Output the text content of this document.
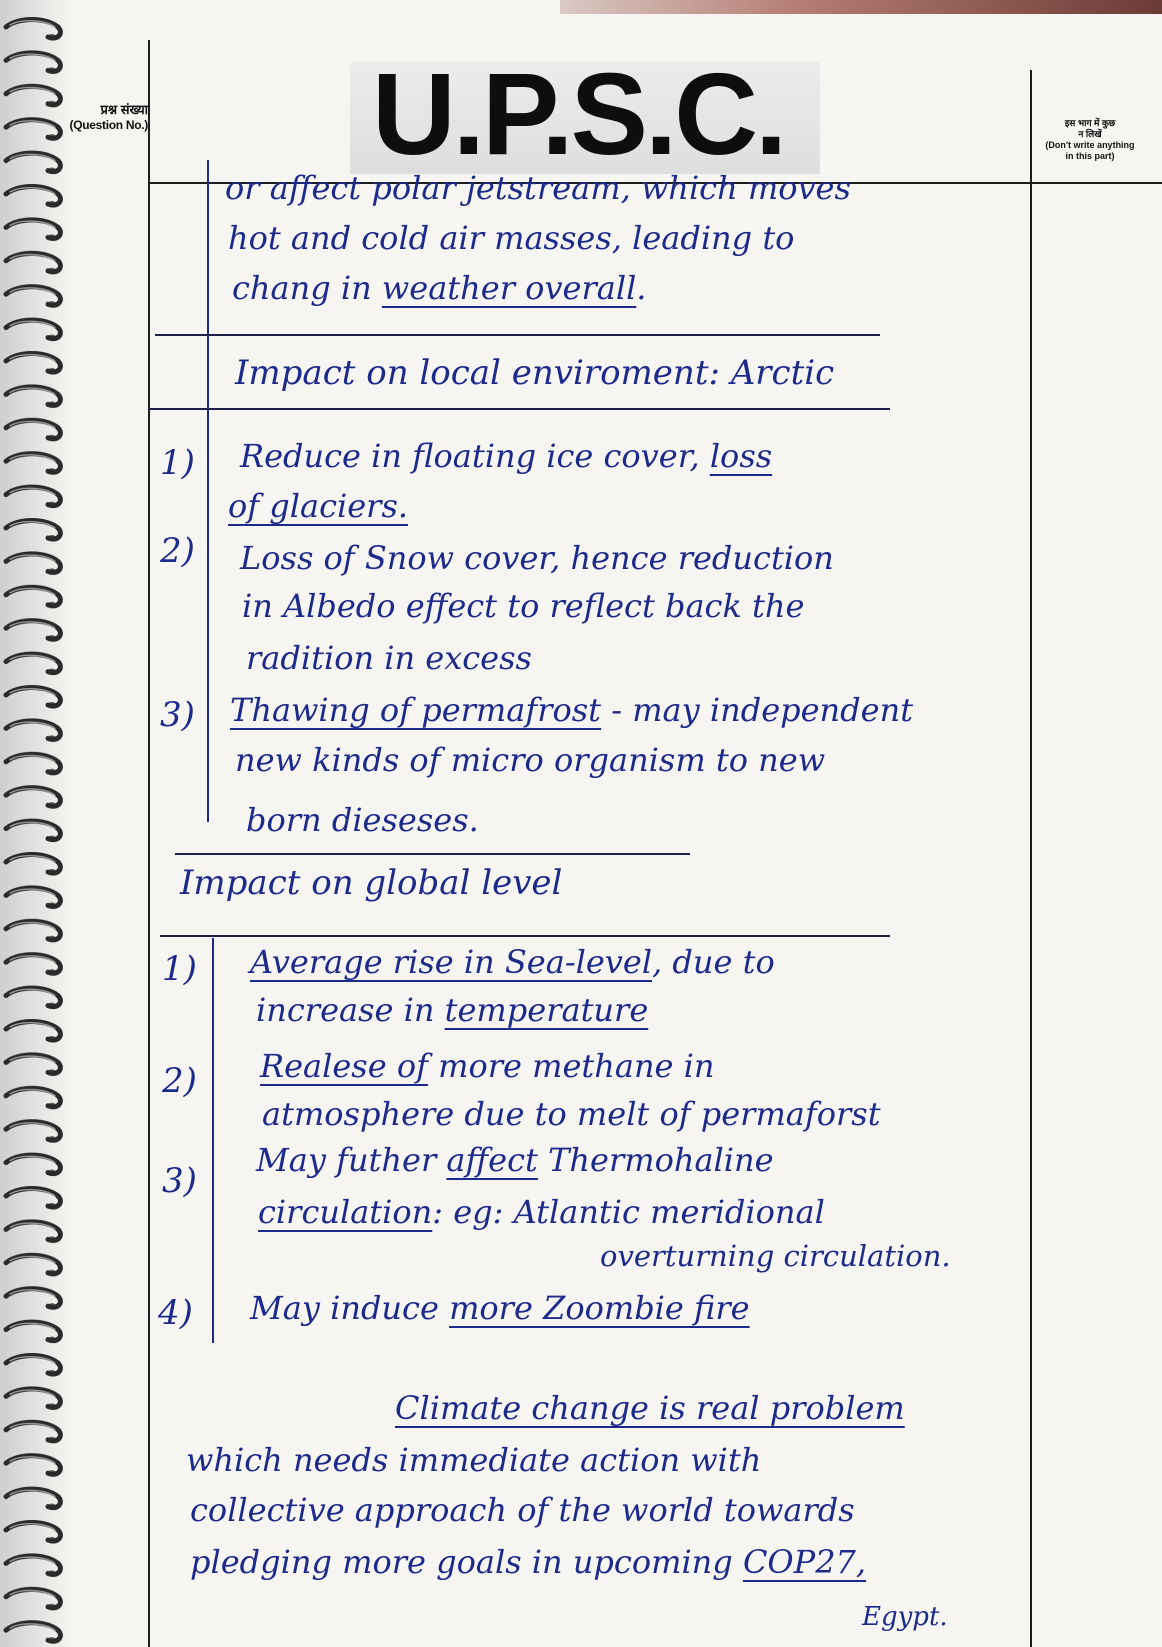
U.P.S.C.
प्रश्न संख्या
(Question No.)	इस भाग में कुछ
न लिखें
(Don't write anything
in this part)
or affect polar jetstream, which moves
hot and cold air masses, leading to
chang in weather overall.
Impact on local enviroment: Arctic
1) Reduce in floating ice cover, loss
of glaciers.
2) Loss of Snow cover, hence reduction
in Albedo effect to reflect back the
radition in excess
3) Thawing of permafrost - may independent
new kinds of micro organism to new
born dieseses.
Impact on global level
1) Average rise in Sea-level, due to
increase in temperature
2) Realese of more methane in
atmosphere due to melt of permaforst
3)
May futher affect Thermohaline
circulation: eg: Atlantic meridional
overturning circulation.
4) May induce more Zoombie fire
Climate change is real problem
which needs immediate action with
collective approach of the world towards
pledging more goals in upcoming COP27,
Egypt.
